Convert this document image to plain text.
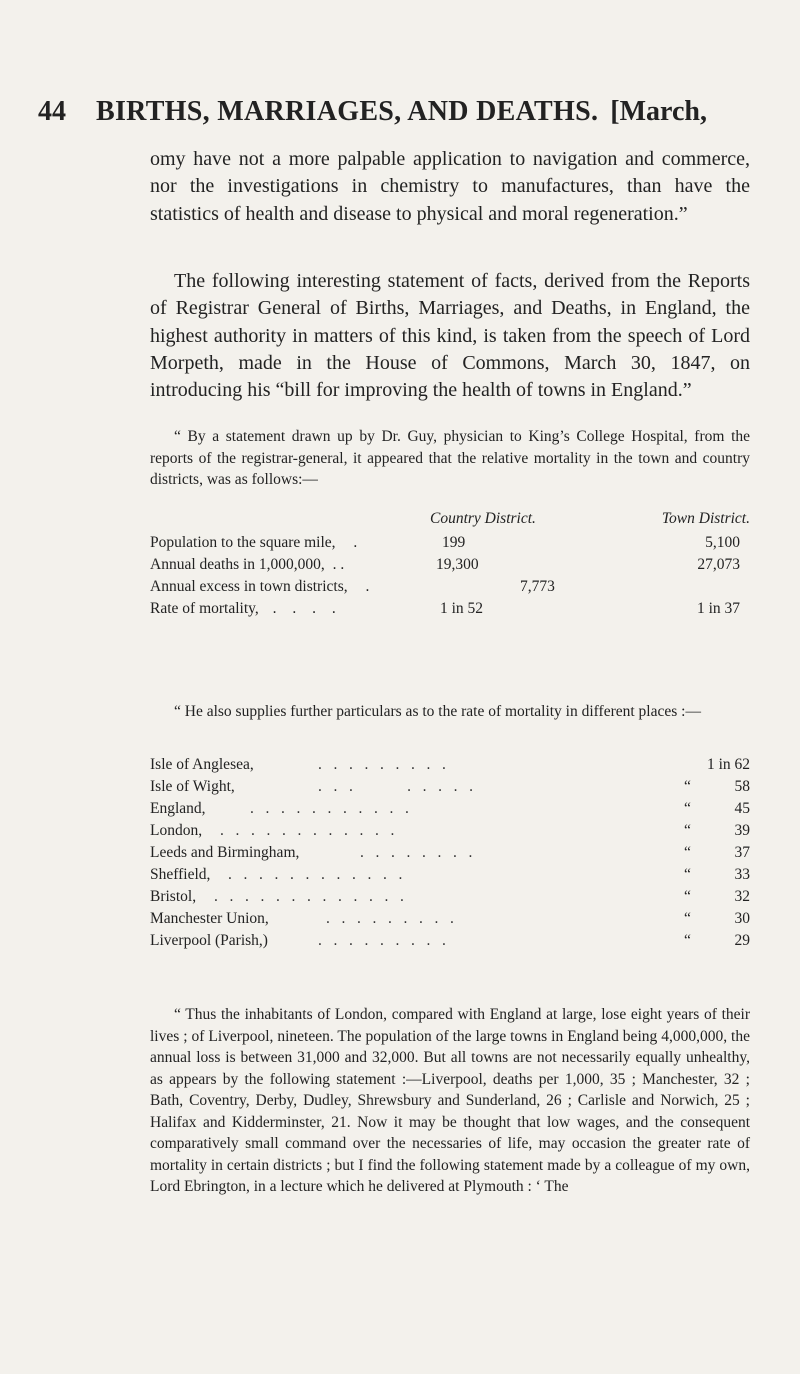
44 BIRTHS, MARRIAGES, AND DEATHS. [March,
omy have not a more palpable application to navigation and commerce, nor the investigations in chemistry to manufactures, than have the statistics of health and disease to physical and moral regeneration.”
The following interesting statement of facts, derived from the Reports of Registrar General of Births, Marriages, and Deaths, in England, the highest authority in matters of this kind, is taken from the speech of Lord Morpeth, made in the House of Commons, March 30, 1847, on introducing his “bill for improving the health of towns in England.”
“ By a statement drawn up by Dr. Guy, physician to King’s College Hospital, from the reports of the registrar-general, it appeared that the relative mortality in the town and country districts, was as follows:—
Country District.	Town District.
Population to the square mile, .	199	5,100
Annual deaths in 1,000,000, . .	19,300	27,073
Annual excess in town districts, .	7,773
Rate of mortality, . . . .	1 in 52	1 in 37
“ He also supplies further particulars as to the rate of mortality in different places :—
Isle of Anglesea,	.   .   .   .   .   .   .   .   .	1 in 62
Isle of Wight,	.   .   .              .   .   .   .   .	“	58
England,	.   .   .   .   .   .   .   .   .   .   .	“	45
London, .   .   .   .   .   .   .   .   .   .   .   .	“	39
Leeds and Birmingham,	.   .   .   .   .   .   .   .	“	37
Sheffield, .   .   .   .   .   .   .   .   .   .   .   .	“	33
Bristol, .   .   .   .   .   .   .   .   .   .   .   .   .	“	32
Manchester Union,	.   .   .   .   .   .   .   .   .	“	30
Liverpool (Parish,)	.   .   .   .   .   .   .   .   .	“	29
“ Thus the inhabitants of London, compared with England at large, lose eight years of their lives ; of Liverpool, nineteen. The population of the large towns in England being 4,000,000, the annual loss is between 31,000 and 32,000. But all towns are not necessarily equally unhealthy, as appears by the following statement :—Liverpool, deaths per 1,000, 35 ; Manchester, 32 ; Bath, Coventry, Derby, Dudley, Shrewsbury and Sunderland, 26 ; Carlisle and Norwich, 25 ; Halifax and Kidderminster, 21. Now it may be thought that low wages, and the consequent comparatively small command over the necessaries of life, may occasion the greater rate of mortality in certain districts ; but I find the following statement made by a colleague of my own, Lord Ebrington, in a lecture which he delivered at Plymouth : ‘ The
